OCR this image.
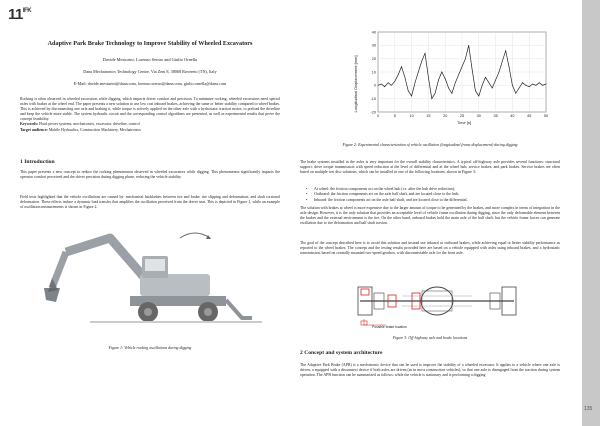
$11^{IFK}$
Adaptive Park Brake Technology to Improve Stability of Wheeled Excavators
Davide Mesturini, Lorenzo Serrao and Giulio Ornella
Dana Mechatronics Technology Centre, Via Zeni 8, 38068 Rovereto (TN), Italy
E-Mail: davide.mesturini@dana.com, lorenzo.serrao@dana.com, giulio.ornella@dana.com
Rocking is often observed in wheeled excavators while digging, which impacts driver comfort and precision. To minimize rocking, wheeled excavators need special axles with brakes at the wheel end. The paper presents a new solution to use low cost inboard brakes, achieving the same or better stability compared to wheel brakes. This is achieved by disconnecting one axle and braking it, while torque is actively applied on the other axle with a hydrostatic traction motor, to preload the driveline and keep the vehicle more stable. The system hydraulic circuit and the corresponding control algorithms are presented, as well as experimental results that prove the concept feasibility.
Keywords: Fluid power systems, mechatronics, excavator, driveline, control
Target audience: Mobile Hydraulics, Construction Machinery, Mechatronics
1 Introduction
This paper presents a new concept to reduce the rocking phenomenon observed in wheeled excavators while digging. This phenomenon significantly impacts the operator comfort perceived and the driver precision during digging phase, reducing the vehicle stability.
Field tests highlighted that the vehicle oscillations are caused by: mechanical backlashes between tire and brake; tire slipping and deformation; and shaft torsional deformation. These effects induce a dynamic load transfer that amplifies the oscillation perceived from the driver seat. This is depicted in Figure 1, while an example of oscillation measurements is shown in Figure 2.
Figure 1: Vehicle rocking oscillations during digging
Longitudinal Displacement [mm]
Time [s]
-20
-10
0
10
20
30
40
0	5	10	15	20	25	30	35	40	45	50
Figure 2: Experimental characterization of vehicle oscillation (longitudinal frame displacement) during digging
The brake systems installed in the axles is very important for the overall stability characteristics. A typical off-highway axle provides several functions: structural support; drive torque transmission with speed reduction at the level of differential and at the wheel hub; service brakes; and park brakes. Service brakes are often based on multiple wet disc solutions, which can be installed in one of the following locations, shown in Figure 3:
• At wheel: the friction components act on the wheel hub (i.e. after the hub drive reduction);
• Outboard: the friction components act on the axle half shaft, and are located close to the hub;
• Inboard: the friction components act on the axle half shaft, and are located close to the differential.
The solution with brakes at wheel is more expensive due to the larger amount of torque to be generated by the brakes, and more complex in terms of integration in the axle design. However, it is the only solution that provides an acceptable level of vehicle frame oscillation during digging, since the only deformable element between the brakes and the external environment is the tire. On the other hand, onboard brakes hold the main axle of the half shaft, but the vehicle frame forces can generate oscillation due to tire deformation and half shaft torsion.
The goal of the concept described here is to avoid this solution and instead use inboard or outboard brakes, while achieving equal or better stability performance as reported to the wheel brakes. The concept and the testing results provided here are based on a vehicle equipped with axles using inboard brakes, and a hydrostatic transmission, based on centrally mounted two-speed gearbox, with disconnectable axle for the front axle.
Possible brake location
Figure 3: Off-highway axle and brake locations
2 Concept and system architecture
The Adaptive Park Brake (APB) is a mechatronic device that can be used to improve the stability of a wheeled excavator. It applies to a vehicle where one axle is driven, a equipped with a disconnect device if both axles are driven (as in most construction vehicles), so that one axle is disengaged from the traction during system operation. The APB function can be summarized as follows: while the vehicle is stationary and is performing a digging	GROUP 4 - 3
135
